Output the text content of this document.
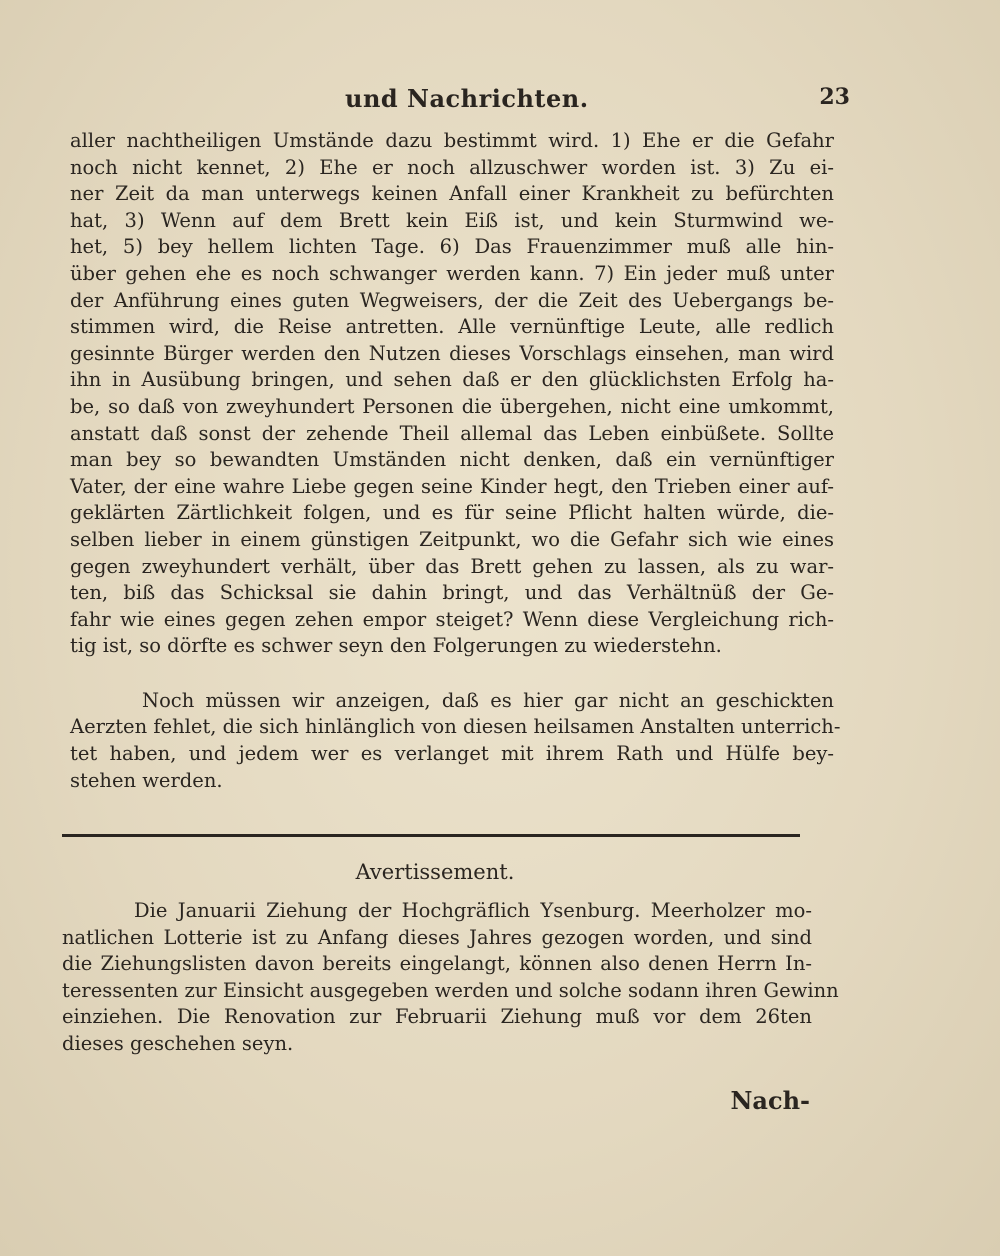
und Nachrichten.	23
aller nachtheiligen Umstände dazu bestimmt wird. 1) Ehe er die Gefahr
noch nicht kennet, 2) Ehe er noch allzuschwer worden ist. 3) Zu ei-
ner Zeit da man unterwegs keinen Anfall einer Krankheit zu befürchten
hat, 3) Wenn auf dem Brett kein Eiß ist, und kein Sturmwind we-
het, 5) bey hellem lichten Tage. 6) Das Frauenzimmer muß alle hin-
über gehen ehe es noch schwanger werden kann. 7) Ein jeder muß unter
der Anführung eines guten Wegweisers, der die Zeit des Uebergangs be-
stimmen wird, die Reise antretten. Alle vernünftige Leute, alle redlich
gesinnte Bürger werden den Nutzen dieses Vorschlags einsehen, man wird
ihn in Ausübung bringen, und sehen daß er den glücklichsten Erfolg ha-
be, so daß von zweyhundert Personen die übergehen, nicht eine umkommt,
anstatt daß sonst der zehende Theil allemal das Leben einbüßete. Sollte
man bey so bewandten Umständen nicht denken, daß ein vernünftiger
Vater, der eine wahre Liebe gegen seine Kinder hegt, den Trieben einer auf-
geklärten Zärtlichkeit folgen, und es für seine Pflicht halten würde, die-
selben lieber in einem günstigen Zeitpunkt, wo die Gefahr sich wie eines
gegen zweyhundert verhält, über das Brett gehen zu lassen, als zu war-
ten, biß das Schicksal sie dahin bringt, und das Verhältnüß der Ge-
fahr wie eines gegen zehen empor steiget? Wenn diese Vergleichung rich-
tig ist, so dörfte es schwer seyn den Folgerungen zu wiederstehn.
Noch müssen wir anzeigen, daß es hier gar nicht an geschickten
Aerzten fehlet, die sich hinlänglich von diesen heilsamen Anstalten unterrich-
tet haben, und jedem wer es verlanget mit ihrem Rath und Hülfe bey-
stehen werden.
Avertissement.
Die Januarii Ziehung der Hochgräflich Ysenburg. Meerholzer mo-
natlichen Lotterie ist zu Anfang dieses Jahres gezogen worden, und sind
die Ziehungslisten davon bereits eingelangt, können also denen Herrn In-
teressenten zur Einsicht ausgegeben werden und solche sodann ihren Gewinn
einziehen. Die Renovation zur Februarii Ziehung muß vor dem 26ten
dieses geschehen seyn.
Nach-
